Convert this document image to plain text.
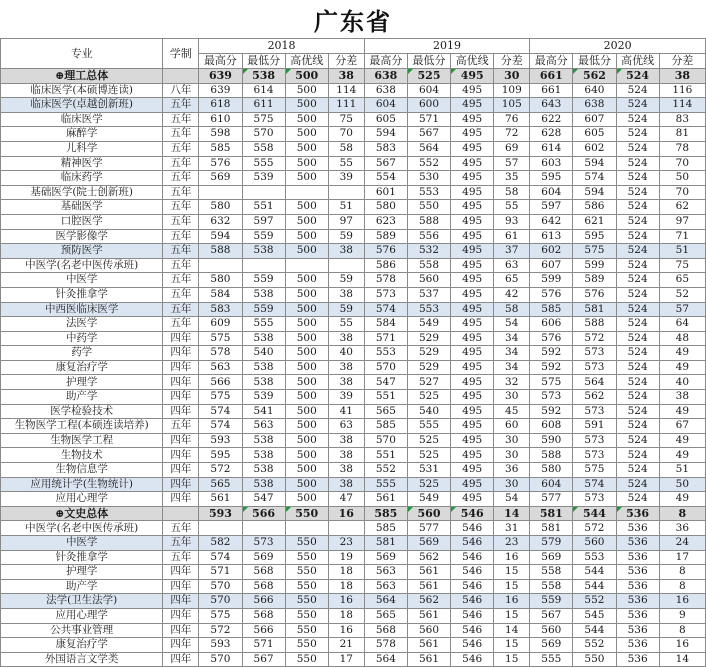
广东省
专业	学制	2018				2019				2020			
		最高分	最低分	高优线	分差	最高分	最低分	高优线	分差	最高分	最低分	高优线	分差
⊕理工总体		639	538	500	38	638	525	495	30	661	562	524	38
临床医学(本硕博连读)	八年	639	614	500	114	638	604	495	109	661	640	524	116
临床医学(卓越创新班)	五年	618	611	500	111	604	600	495	105	643	638	524	114
临床医学	五年	610	575	500	75	605	571	495	76	622	607	524	83
麻醉学	五年	598	570	500	70	594	567	495	72	628	605	524	81
儿科学	五年	585	558	500	58	583	564	495	69	614	602	524	78
精神医学	五年	576	555	500	55	567	552	495	57	603	594	524	70
临床药学	五年	569	539	500	39	554	530	495	35	595	574	524	50
基础医学(院士创新班)	五年					601	553	495	58	604	594	524	70
基础医学	五年	580	551	500	51	580	550	495	55	597	586	524	62
口腔医学	五年	632	597	500	97	623	588	495	93	642	621	524	97
医学影像学	五年	594	559	500	59	589	556	495	61	613	595	524	71
预防医学	五年	588	538	500	38	576	532	495	37	602	575	524	51
中医学(名老中医传承班)	五年					586	558	495	63	607	599	524	75
中医学	五年	580	559	500	59	578	560	495	65	599	589	524	65
针灸推拿学	五年	584	538	500	38	573	537	495	42	576	576	524	52
中西医临床医学	五年	583	559	500	59	574	553	495	58	585	581	524	57
法医学	五年	609	555	500	55	584	549	495	54	606	588	524	64
中药学	四年	575	538	500	38	571	529	495	34	576	572	524	48
药学	四年	578	540	500	40	553	529	495	34	592	573	524	49
康复治疗学	四年	563	538	500	38	570	529	495	34	592	573	524	49
护理学	四年	566	538	500	38	547	527	495	32	575	564	524	40
助产学	四年	575	539	500	39	551	525	495	30	573	562	524	38
医学检验技术	四年	574	541	500	41	565	540	495	45	592	573	524	49
生物医学工程(本硕连读培养)	五年	574	563	500	63	585	555	495	60	608	591	524	67
生物医学工程	四年	593	538	500	38	570	525	495	30	590	573	524	49
生物技术	四年	595	538	500	38	551	525	495	30	588	573	524	49
生物信息学	四年	572	538	500	38	552	531	495	36	580	575	524	51
应用统计学(生物统计)	四年	565	538	500	38	555	525	495	30	604	574	524	50
应用心理学	四年	561	547	500	47	561	549	495	54	577	573	524	49
⊕文史总体		593	566	550	16	585	560	546	14	581	544	536	8
中医学(名老中医传承班)	五年					585	577	546	31	581	572	536	36
中医学	五年	582	573	550	23	581	569	546	23	579	560	536	24
针灸推拿学	五年	574	569	550	19	569	562	546	16	569	553	536	17
护理学	四年	571	568	550	18	563	561	546	15	558	544	536	8
助产学	四年	570	568	550	18	563	561	546	15	558	544	536	8
法学(卫生法学)	四年	570	566	550	16	564	562	546	16	559	552	536	16
应用心理学	四年	575	568	550	18	565	561	546	15	567	545	536	9
公共事业管理	四年	572	566	550	16	568	560	546	14	560	544	536	8
康复治疗学	四年	593	571	550	21	578	561	546	15	569	552	536	16
外国语言文学类	四年	570	567	550	17	564	561	546	15	555	550	536	14
